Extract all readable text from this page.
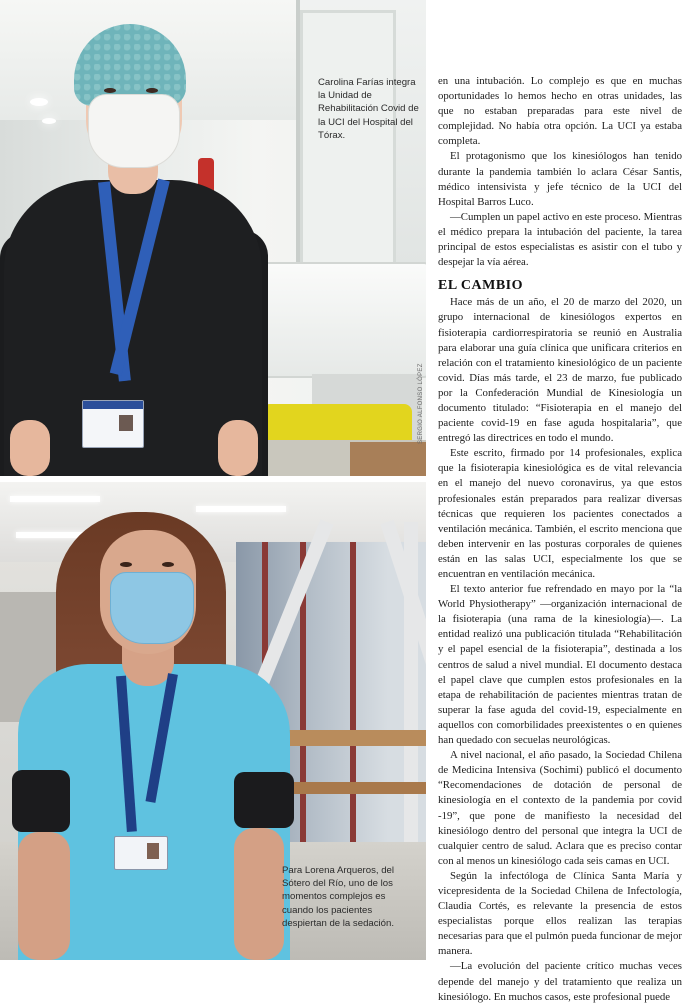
Carolina Farías integra la Unidad de Rehabilitación Covid de la UCI del Hospital del Tórax.
SERGIO ALFONSO LÓPEZ
Para Lorena Arqueros, del Sótero del Río, uno de los momentos complejos es cuando los pacientes despiertan de la sedación.

en una intubación. Lo complejo es que en muchas oportunidades lo hemos hecho en otras unidades, las que no estaban preparadas para este nivel de complejidad. No había otra opción. La UCI ya estaba completa.

El protagonismo que los kinesiólogos han tenido durante la pandemia también lo aclara César Santis, médico intensivista y jefe técnico de la UCI del Hospital Barros Luco.

—Cumplen un papel activo en este proceso. Mientras el médico prepara la intubación del paciente, la tarea principal de estos especialistas es asistir con el tubo y despejar la vía aérea.

EL CAMBIO

Hace más de un año, el 20 de marzo del 2020, un grupo internacional de kinesiólogos expertos en fisioterapia cardiorrespiratoria se reunió en Australia para elaborar una guía clínica que unificara criterios en relación con el tratamiento kinesiológico de un paciente covid. Días más tarde, el 23 de marzo, fue publicado por la Confederación Mundial de Kinesiología un documento titulado: “Fisioterapia en el manejo del paciente covid-19 en fase aguda hospitalaria”, que entregó las directrices en todo el mundo.

Este escrito, firmado por 14 profesionales, explica que la fisioterapia kinesiológica es de vital relevancia en el manejo del nuevo coronavirus, ya que estos profesionales están preparados para realizar diversas técnicas que requieren los pacientes conectados a ventilación mecánica. También, el escrito menciona que deben intervenir en las posturas corporales de quienes están en las salas UCI, especialmente los que se encuentran en ventilación mecánica.

El texto anterior fue refrendado en mayo por la “la World Physiotherapy” —organización internacional de la fisioterapia (una rama de la kinesiología)—. La entidad realizó una publicación titulada “Rehabilitación y el papel esencial de la fisioterapia”, destinada a los centros de salud a nivel mundial. El documento destaca el papel clave que cumplen estos profesionales en la etapa de rehabilitación de pacientes mientras tratan de superar la fase aguda del covid-19, especialmente en aquellos con comorbilidades preexistentes o en quienes han quedado con secuelas neurológicas.

A nivel nacional, el año pasado, la Sociedad Chilena de Medicina Intensiva (Sochimi) publicó el documento “Recomendaciones de dotación de personal de kinesiología en el contexto de la pandemia por covid -19”, que pone de manifiesto la necesidad del kinesiólogo dentro del personal que integra la UCI de cualquier centro de salud. Aclara que es preciso contar con al menos un kinesiólogo cada seis camas en UCI.

Según la infectóloga de Clínica Santa María y vicepresidenta de la Sociedad Chilena de Infectología, Claudia Cortés, es relevante la presencia de estos especialistas porque ellos realizan las terapias necesarias para que el pulmón pueda funcionar de mejor manera.

—La evolución del paciente crítico muchas veces depende del manejo y del tratamiento que realiza un kinesiólogo. En muchos casos, este profesional puede
